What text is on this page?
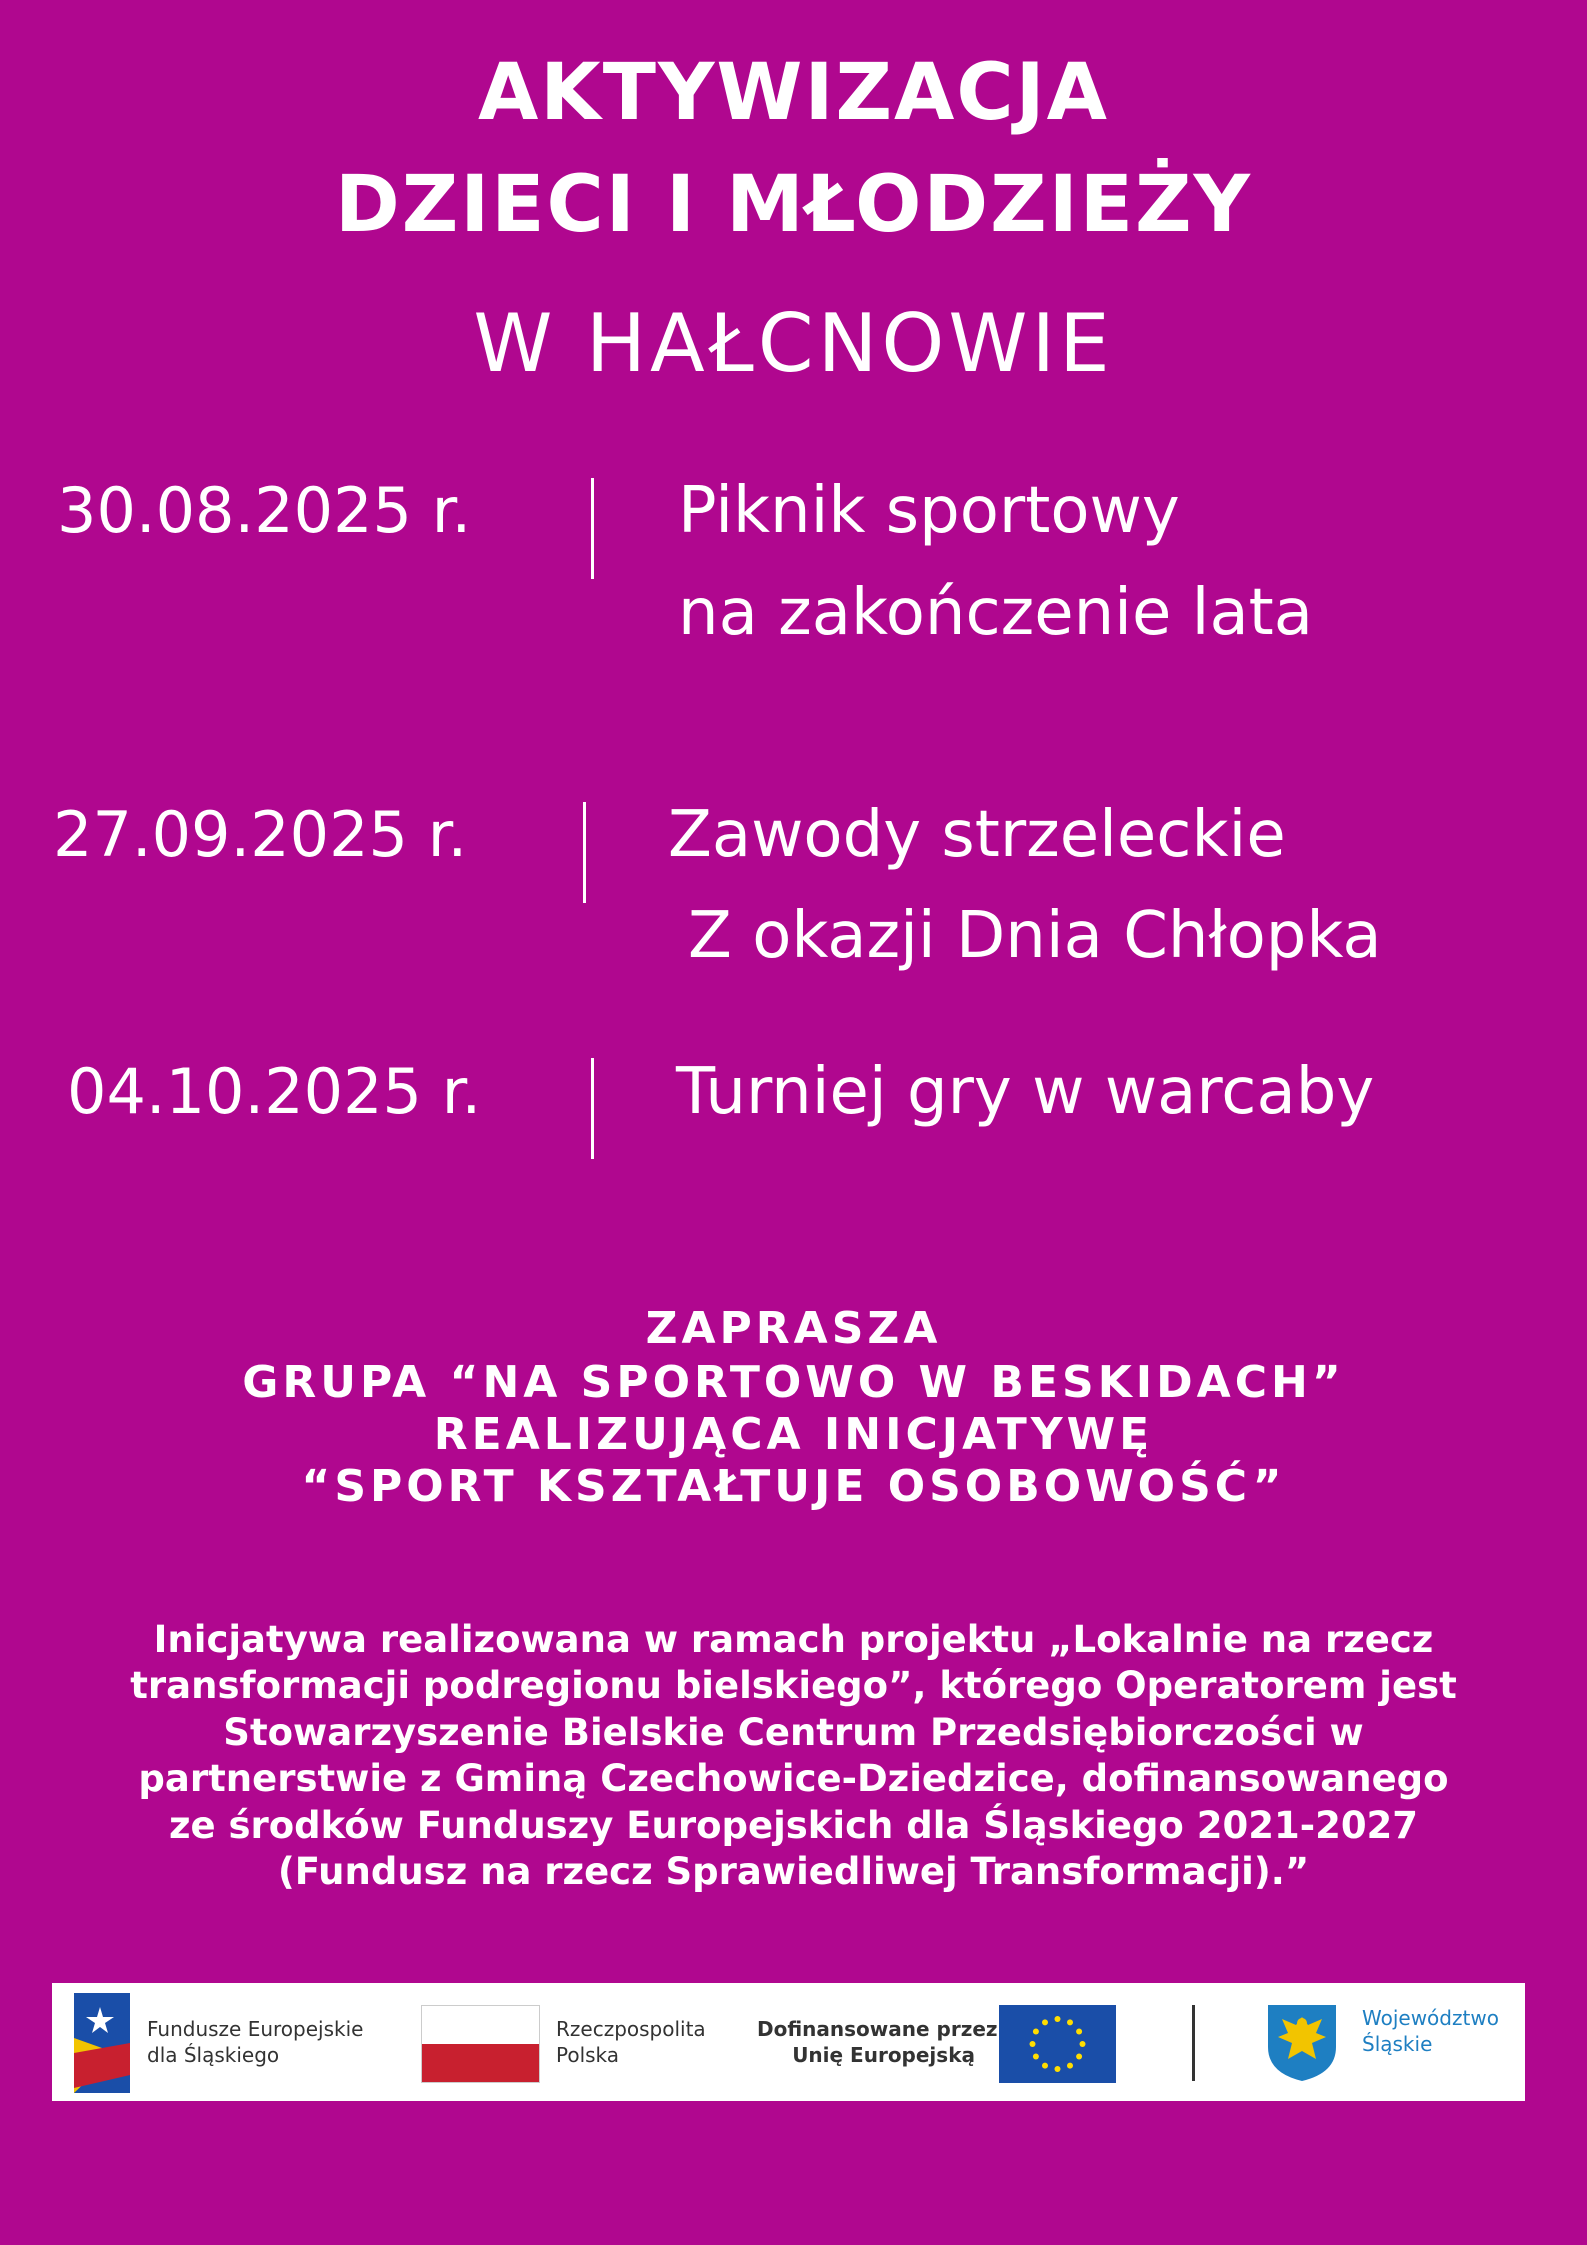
AKTYWIZACJA
DZIECI I MŁODZIEŻY
W HAŁCNOWIE
30.08.2025 r.	Piknik sportowy
na zakończenie lata
27.09.2025 r.	Zawody strzeleckie
Z okazji Dnia Chłopka
04.10.2025 r.	Turniej gry w warcaby
ZAPRASZA
GRUPA “NA SPORTOWO W BESKIDACH”
REALIZUJĄCA INICJATYWĘ
“SPORT KSZTAŁTUJE OSOBOWOŚĆ”
Inicjatywa realizowana w ramach projektu „Lokalnie na rzecz
transformacji podregionu bielskiego”, którego Operatorem jest
Stowarzyszenie Bielskie Centrum Przedsiębiorczości w
partnerstwie z Gminą Czechowice-Dziedzice, dofinansowanego
ze środków Funduszy Europejskich dla Śląskiego 2021-2027
(Fundusz na rzecz Sprawiedliwej Transformacji).”
Fundusze Europejskie
dla Śląskiego
Rzeczpospolita
Polska
Dofinansowane przez
Unię Europejską
Województwo
Śląskie
